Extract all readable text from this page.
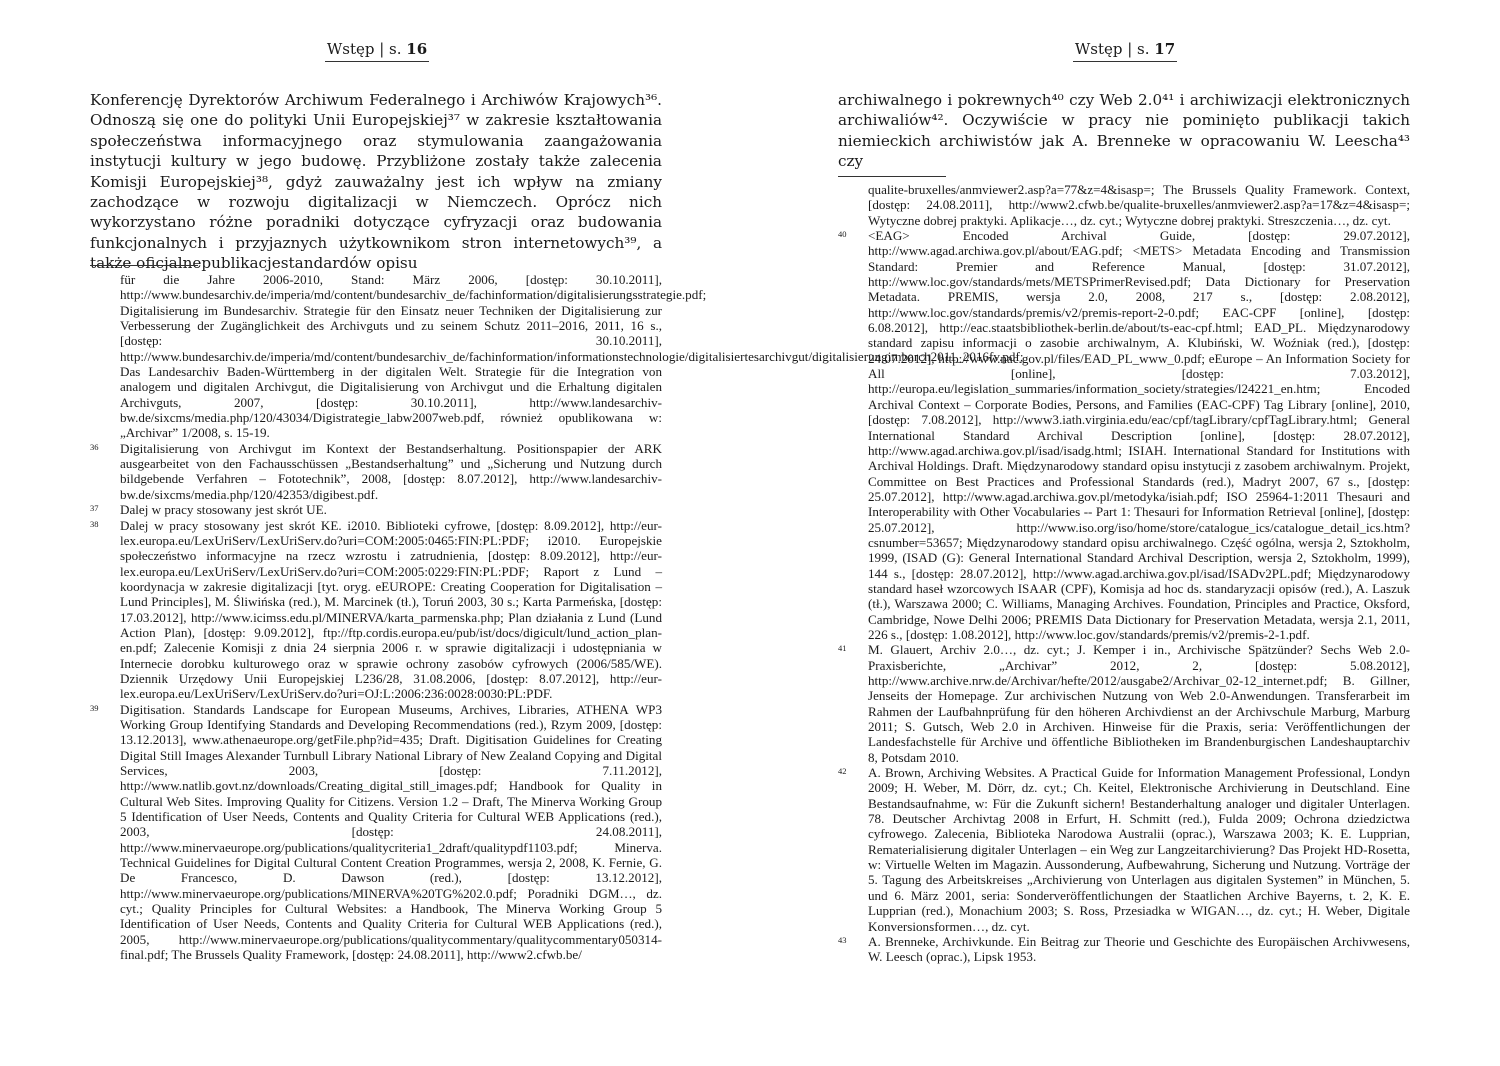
Wstęp | s. 16

Konferencję Dyrektorów Archiwum Federalnego i Archiwów Krajowych³⁶. Odnoszą się one do polityki Unii Europejskiej³⁷ w zakresie kształtowania społeczeństwa informacyjnego oraz stymulowania zaangażowania instytucji kultury w jego budowę. Przybliżone zostały także zalecenia Komisji Europejskiej³⁸, gdyż zauważalny jest ich wpływ na zmiany zachodzące w rozwoju digitalizacji w Niemczech. Oprócz nich wykorzystano różne poradniki dotyczące cyfryzacji oraz budowania funkcjonalnych i przyjaznych użytkownikom stron internetowych³⁹, a także oficjalnepublikacjestandardów opisu

für die Jahre 2006-2010, Stand: März 2006, [dostęp: 30.10.2011], http://www.bundesarchiv.de/imperia/md/content/bundesarchiv_de/fachinformation/digitalisierungsstrategie.pdf; Digitalisierung im Bundesarchiv. Strategie für den Einsatz neuer Techniken der Digitalisierung zur Verbesserung der Zugänglichkeit des Archivguts und zu seinem Schutz 2011–2016, 2011, 16 s., [dostęp: 30.10.2011], http://www.bundesarchiv.de/imperia/md/content/bundesarchiv_de/fachinformation/informationstechnologie/digitalisiertesarchivgut/digitalisierungimbarch2011_2016fv.pdf; Das Landesarchiv Baden-Württemberg in der digitalen Welt. Strategie für die Integration von analogem und digitalen Archivgut, die Digitalisierung von Archivgut und die Erhaltung digitalen Archivguts, 2007, [dostęp: 30.10.2011], http://www.landesarchiv-bw.de/sixcms/media.php/120/43034/Digistrategie_labw2007web.pdf, również opublikowana w: „Archivar” 1/2008, s. 15-19.
36 Digitalisierung von Archivgut im Kontext der Bestandserhaltung. Positionspapier der ARK ausgearbeitet von den Fachausschüssen „Bestandserhaltung” und „Sicherung und Nutzung durch bildgebende Verfahren – Fototechnik”, 2008, [dostęp: 8.07.2012], http://www.landesarchiv-bw.de/sixcms/media.php/120/42353/digibest.pdf.
37 Dalej w pracy stosowany jest skrót UE.
38 Dalej w pracy stosowany jest skrót KE. i2010. Biblioteki cyfrowe, [dostęp: 8.09.2012], http://eur-lex.europa.eu/LexUriServ/LexUriServ.do?uri=COM:2005:0465:FIN:PL:PDF; i2010. Europejskie społeczeństwo informacyjne na rzecz wzrostu i zatrudnienia, [dostęp: 8.09.2012], http://eur-lex.europa.eu/LexUriServ/LexUriServ.do?uri=COM:2005:0229:FIN:PL:PDF; Raport z Lund – koordynacja w zakresie digitalizacji [tyt. oryg. eEUROPE: Creating Cooperation for Digitalisation – Lund Principles], M. Śliwińska (red.), M. Marcinek (tł.), Toruń 2003, 30 s.; Karta Parmeńska, [dostęp: 17.03.2012], http://www.icimss.edu.pl/MINERVA/karta_parmenska.php; Plan działania z Lund (Lund Action Plan), [dostęp: 9.09.2012], ftp://ftp.cordis.europa.eu/pub/ist/docs/digicult/lund_action_plan-en.pdf; Zalecenie Komisji z dnia 24 sierpnia 2006 r. w sprawie digitalizacji i udostępniania w Internecie dorobku kulturowego oraz w sprawie ochrony zasobów cyfrowych (2006/585/WE). Dziennik Urzędowy Unii Europejskiej L236/28, 31.08.2006, [dostęp: 8.07.2012], http://eur-lex.europa.eu/LexUriServ/LexUriServ.do?uri=OJ:L:2006:236:0028:0030:PL:PDF.
39 Digitisation. Standards Landscape for European Museums, Archives, Libraries, ATHENA WP3 Working Group Identifying Standards and Developing Recommendations (red.), Rzym 2009, [dostęp: 13.12.2013], www.athenaeurope.org/getFile.php?id=435; Draft. Digitisation Guidelines for Creating Digital Still Images Alexander Turnbull Library National Library of New Zealand Copying and Digital Services, 2003, [dostęp: 7.11.2012], http://www.natlib.govt.nz/downloads/Creating_digital_still_images.pdf; Handbook for Quality in Cultural Web Sites. Improving Quality for Citizens. Version 1.2 – Draft, The Minerva Working Group 5 Identification of User Needs, Contents and Quality Criteria for Cultural WEB Applications (red.), 2003, [dostęp: 24.08.2011], http://www.minervaeurope.org/publications/qualitycriteria1_2draft/qualitypdf1103.pdf; Minerva. Technical Guidelines for Digital Cultural Content Creation Programmes, wersja 2, 2008, K. Fernie, G. De Francesco, D. Dawson (red.), [dostęp: 13.12.2012], http://www.minervaeurope.org/publications/MINERVA%20TG%202.0.pdf; Poradniki DGM…, dz. cyt.; Quality Principles for Cultural Websites: a Handbook, The Minerva Working Group 5 Identification of User Needs, Contents and Quality Criteria for Cultural WEB Applications (red.), 2005, http://www.minervaeurope.org/publications/qualitycommentary/qualitycommentary050314-final.pdf; The Brussels Quality Framework, [dostęp: 24.08.2011], http://www2.cfwb.be/
Wstęp | s. 17

archiwalnego i pokrewnych⁴⁰ czy Web 2.0⁴¹ i archiwizacji elektronicznych archiwaliów⁴². Oczywiście w pracy nie pominięto publikacji takich niemieckich archiwistów jak A. Brenneke w opracowaniu W. Leescha⁴³ czy

qualite-bruxelles/anmviewer2.asp?a=77&z=4&isasp=; The Brussels Quality Framework. Context, [dostęp: 24.08.2011], http://www2.cfwb.be/qualite-bruxelles/anmviewer2.asp?a=17&z=4&isasp=; Wytyczne dobrej praktyki. Aplikacje…, dz. cyt.; Wytyczne dobrej praktyki. Streszczenia…, dz. cyt.
40 <EAG> Encoded Archival Guide, [dostęp: 29.07.2012], http://www.agad.archiwa.gov.pl/about/EAG.pdf; <METS> Metadata Encoding and Transmission Standard: Premier and Reference Manual, [dostęp: 31.07.2012], http://www.loc.gov/standards/mets/METSPrimerRevised.pdf; Data Dictionary for Preservation Metadata. PREMIS, wersja 2.0, 2008, 217 s., [dostęp: 2.08.2012], http://www.loc.gov/standards/premis/v2/premis-report-2-0.pdf; EAC-CPF [online], [dostęp: 6.08.2012], http://eac.staatsbibliothek-berlin.de/about/ts-eac-cpf.html; EAD_PL. Międzynarodowy standard zapisu informacji o zasobie archiwalnym, A. Klubiński, W. Woźniak (red.), [dostęp: 24.07.2012], http://www.nac.gov.pl/files/EAD_PL_www_0.pdf; eEurope – An Information Society for All [online], [dostęp: 7.03.2012], http://europa.eu/legislation_summaries/information_society/strategies/l24221_en.htm; Encoded Archival Context – Corporate Bodies, Persons, and Families (EAC-CPF) Tag Library [online], 2010, [dostęp: 7.08.2012], http://www3.iath.virginia.edu/eac/cpf/tagLibrary/cpfTagLibrary.html; General International Standard Archival Description [online], [dostęp: 28.07.2012], http://www.agad.archiwa.gov.pl/isad/isadg.html; ISIAH. International Standard for Institutions with Archival Holdings. Draft. Międzynarodowy standard opisu instytucji z zasobem archiwalnym. Projekt, Committee on Best Practices and Professional Standards (red.), Madryt 2007, 67 s., [dostęp: 25.07.2012], http://www.agad.archiwa.gov.pl/metodyka/isiah.pdf; ISO 25964-1:2011 Thesauri and Interoperability with Other Vocabularies -- Part 1: Thesauri for Information Retrieval [online], [dostęp: 25.07.2012], http://www.iso.org/iso/home/store/catalogue_ics/catalogue_detail_ics.htm?csnumber=53657; Międzynarodowy standard opisu archiwalnego. Część ogólna, wersja 2, Sztokholm, 1999, (ISAD (G): General International Standard Archival Description, wersja 2, Sztokholm, 1999), 144 s., [dostęp: 28.07.2012], http://www.agad.archiwa.gov.pl/isad/ISADv2PL.pdf; Międzynarodowy standard haseł wzorcowych ISAAR (CPF), Komisja ad hoc ds. standaryzacji opisów (red.), A. Laszuk (tł.), Warszawa 2000; C. Williams, Managing Archives. Foundation, Principles and Practice, Oksford, Cambridge, Nowe Delhi 2006; PREMIS Data Dictionary for Preservation Metadata, wersja 2.1, 2011, 226 s., [dostęp: 1.08.2012], http://www.loc.gov/standards/premis/v2/premis-2-1.pdf.
41 M. Glauert, Archiv 2.0…, dz. cyt.; J. Kemper i in., Archivische Spätzünder? Sechs Web 2.0-Praxisberichte, „Archivar” 2012, 2, [dostęp: 5.08.2012], http://www.archive.nrw.de/Archivar/hefte/2012/ausgabe2/Archivar_02-12_internet.pdf; B. Gillner, Jenseits der Homepage. Zur archivischen Nutzung von Web 2.0-Anwendungen. Transferarbeit im Rahmen der Laufbahnprüfung für den höheren Archivdienst an der Archivschule Marburg, Marburg 2011; S. Gutsch, Web 2.0 in Archiven. Hinweise für die Praxis, seria: Veröffentlichungen der Landesfachstelle für Archive und öffentliche Bibliotheken im Brandenburgischen Landeshauptarchiv 8, Potsdam 2010.
42 A. Brown, Archiving Websites. A Practical Guide for Information Management Professional, Londyn 2009; H. Weber, M. Dörr, dz. cyt.; Ch. Keitel, Elektronische Archivierung in Deutschland. Eine Bestandsaufnahme, w: Für die Zukunft sichern! Bestanderhaltung analoger und digitaler Unterlagen. 78. Deutscher Archivtag 2008 in Erfurt, H. Schmitt (red.), Fulda 2009; Ochrona dziedzictwa cyfrowego. Zalecenia, Biblioteka Narodowa Australii (oprac.), Warszawa 2003; K. E. Lupprian, Rematerialisierung digitaler Unterlagen – ein Weg zur Langzeitarchivierung? Das Projekt HD-Rosetta, w: Virtuelle Welten im Magazin. Aussonderung, Aufbewahrung, Sicherung und Nutzung. Vorträge der 5. Tagung des Arbeitskreises „Archivierung von Unterlagen aus digitalen Systemen” in München, 5. und 6. März 2001, seria: Sonderveröffentlichungen der Staatlichen Archive Bayerns, t. 2, K. E. Lupprian (red.), Monachium 2003; S. Ross, Przesiadka w WIGAN…, dz. cyt.; H. Weber, Digitale Konversionsformen…, dz. cyt.
43 A. Brenneke, Archivkunde. Ein Beitrag zur Theorie und Geschichte des Europäischen Archivwesens, W. Leesch (oprac.), Lipsk 1953.
